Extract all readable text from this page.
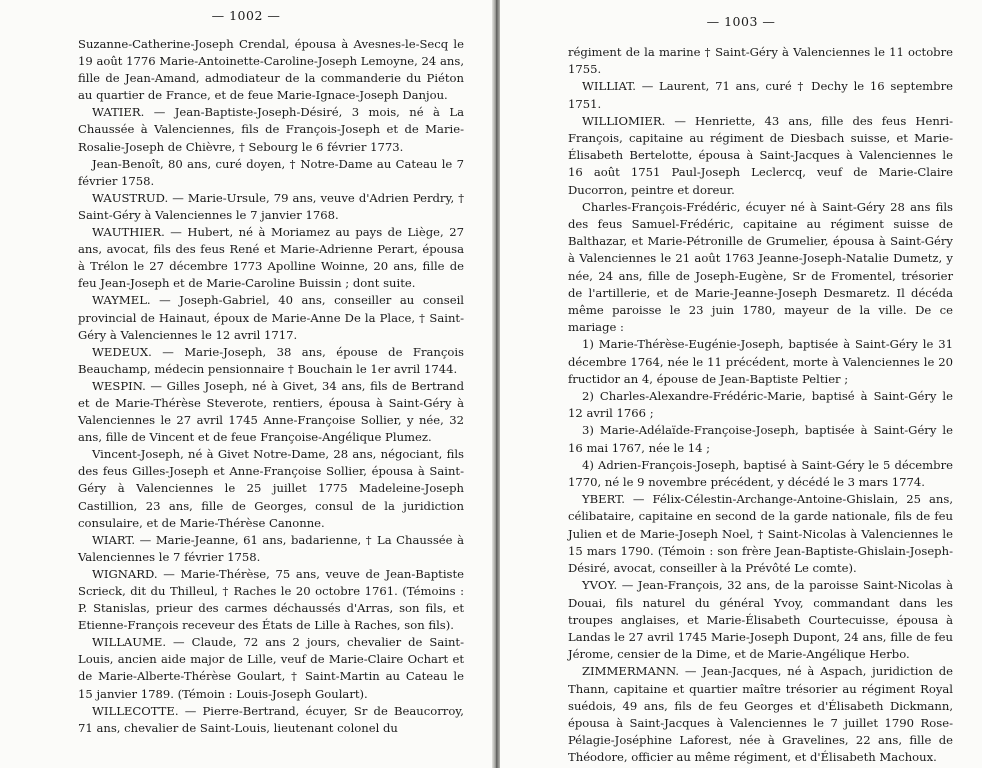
— 1002 —

Suzanne-Catherine-Joseph Crendal, épousa à Avesnes-le-Secq le 19 août 1776 Marie-Antoinette-Caroline-Joseph Lemoyne, 24 ans, fille de Jean-Amand, admodiateur de la commanderie du Piéton au quartier de France, et de feue Marie-Ignace-Joseph Danjou.

WATIER. — Jean-Baptiste-Joseph-Désiré, 3 mois, né à La Chaussée à Valenciennes, fils de François-Joseph et de Marie-Rosalie-Joseph de Chièvre, † Sebourg le 6 février 1773.

Jean-Benoît, 80 ans, curé doyen, † Notre-Dame au Cateau le 7 février 1758.

WAUSTRUD. — Marie-Ursule, 79 ans, veuve d'Adrien Perdry, † Saint-Géry à Valenciennes le 7 janvier 1768.

WAUTHIER. — Hubert, né à Moriamez au pays de Liège, 27 ans, avocat, fils des feus René et Marie-Adrienne Perart, épousa à Trélon le 27 décembre 1773 Apolline Woinne, 20 ans, fille de feu Jean-Joseph et de Marie-Caroline Buissin ; dont suite.

WAYMEL. — Joseph-Gabriel, 40 ans, conseiller au conseil provincial de Hainaut, époux de Marie-Anne De la Place, † Saint-Géry à Valenciennes le 12 avril 1717.

WEDEUX. — Marie-Joseph, 38 ans, épouse de François Beauchamp, médecin pensionnaire † Bouchain le 1er avril 1744.

WESPIN. — Gilles Joseph, né à Givet, 34 ans, fils de Bertrand et de Marie-Thérèse Steverote, rentiers, épousa à Saint-Géry à Valenciennes le 27 avril 1745 Anne-Françoise Sollier, y née, 32 ans, fille de Vincent et de feue Françoise-Angélique Plumez.

Vincent-Joseph, né à Givet Notre-Dame, 28 ans, négociant, fils des feus Gilles-Joseph et Anne-Françoise Sollier, épousa à Saint-Géry à Valenciennes le 25 juillet 1775 Madeleine-Joseph Castillion, 23 ans, fille de Georges, consul de la juridiction consulaire, et de Marie-Thérèse Canonne.

WIART. — Marie-Jeanne, 61 ans, badarienne, † La Chaussée à Valenciennes le 7 février 1758.

WIGNARD. — Marie-Thérèse, 75 ans, veuve de Jean-Baptiste Scrieck, dit du Thilleul, † Raches le 20 octobre 1761. (Témoins : P. Stanislas, prieur des carmes déchaussés d'Arras, son fils, et Etienne-François receveur des États de Lille à Raches, son fils).

WILLAUME. — Claude, 72 ans 2 jours, chevalier de Saint-Louis, ancien aide major de Lille, veuf de Marie-Claire Ochart et de Marie-Alberte-Thérèse Goulart, † Saint-Martin au Cateau le 15 janvier 1789. (Témoin : Louis-Joseph Goulart).

WILLECOTTE. — Pierre-Bertrand, écuyer, Sr de Beaucorroy, 71 ans, chevalier de Saint-Louis, lieutenant colonel du

— 1003 —

régiment de la marine † Saint-Géry à Valenciennes le 11 octobre 1755.

WILLIAT. — Laurent, 71 ans, curé † Dechy le 16 septembre 1751.

WILLIOMIER. — Henriette, 43 ans, fille des feus Henri-François, capitaine au régiment de Diesbach suisse, et Marie-Élisabeth Bertelotte, épousa à Saint-Jacques à Valenciennes le 16 août 1751 Paul-Joseph Leclercq, veuf de Marie-Claire Ducorron, peintre et doreur.

Charles-François-Frédéric, écuyer né à Saint-Géry 28 ans fils des feus Samuel-Frédéric, capitaine au régiment suisse de Balthazar, et Marie-Pétronille de Grumelier, épousa à Saint-Géry à Valenciennes le 21 août 1763 Jeanne-Joseph-Natalie Dumetz, y née, 24 ans, fille de Joseph-Eugène, Sr de Fromentel, trésorier de l'artillerie, et de Marie-Jeanne-Joseph Desmaretz. Il décéda même paroisse le 23 juin 1780, mayeur de la ville. De ce mariage :

1) Marie-Thérèse-Eugénie-Joseph, baptisée à Saint-Géry le 31 décembre 1764, née le 11 précédent, morte à Valenciennes le 20 fructidor an 4, épouse de Jean-Baptiste Peltier ;

2) Charles-Alexandre-Frédéric-Marie, baptisé à Saint-Géry le 12 avril 1766 ;

3) Marie-Adélaïde-Françoise-Joseph, baptisée à Saint-Géry le 16 mai 1767, née le 14 ;

4) Adrien-François-Joseph, baptisé à Saint-Géry le 5 décembre 1770, né le 9 novembre précédent, y décédé le 3 mars 1774.

YBERT. — Félix-Célestin-Archange-Antoine-Ghislain, 25 ans, célibataire, capitaine en second de la garde nationale, fils de feu Julien et de Marie-Joseph Noel, † Saint-Nicolas à Valenciennes le 15 mars 1790. (Témoin : son frère Jean-Baptiste-Ghislain-Joseph-Désiré, avocat, conseiller à la Prévôté Le comte).

YVOY. — Jean-François, 32 ans, de la paroisse Saint-Nicolas à Douai, fils naturel du général Yvoy, commandant dans les troupes anglaises, et Marie-Élisabeth Courtecuisse, épousa à Landas le 27 avril 1745 Marie-Joseph Dupont, 24 ans, fille de feu Jérome, censier de la Dime, et de Marie-Angélique Herbo.

ZIMMERMANN. — Jean-Jacques, né à Aspach, juridiction de Thann, capitaine et quartier maître trésorier au régiment Royal suédois, 49 ans, fils de feu Georges et d'Élisabeth Dickmann, épousa à Saint-Jacques à Valenciennes le 7 juillet 1790 Rose-Pélagie-Joséphine Laforest, née à Gravelines, 22 ans, fille de Théodore, officier au même régiment, et d'Élisabeth Machoux.
